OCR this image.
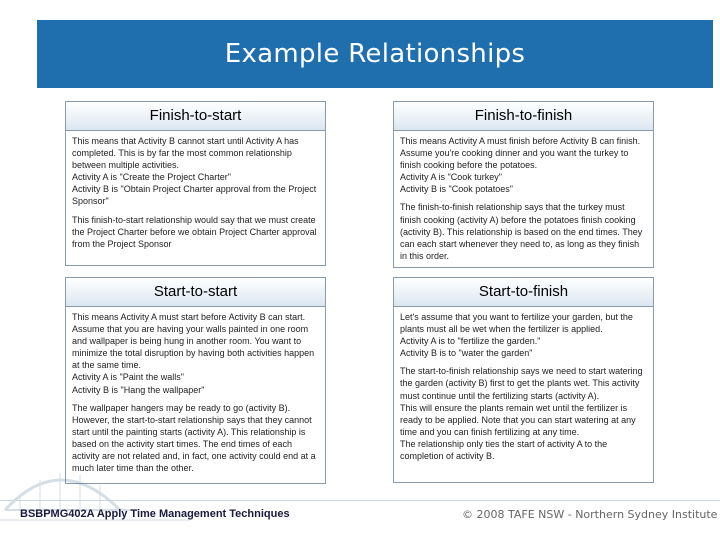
Example Relationships
Finish-to-start

This means that Activity B cannot start until Activity A has completed. This is by far the most common relationship between multiple activities.
Activity A is "Create the Project Charter"
Activity B is "Obtain Project Charter approval from the Project Sponsor"

This finish-to-start relationship would say that we must create the Project Charter before we obtain Project Charter approval from the Project Sponsor

Finish-to-finish

This means Activity A must finish before Activity B can finish. Assume you're cooking dinner and you want the turkey to finish cooking before the potatoes.
Activity A is "Cook turkey"
Activity B is "Cook potatoes"

The finish-to-finish relationship says that the turkey must finish cooking (activity A) before the potatoes finish cooking (activity B). This relationship is based on the end times. They can each start whenever they need to, as long as they finish in this order.

Start-to-start

This means Activity A must start before Activity B can start. Assume that you are having your walls painted in one room and wallpaper is being hung in another room. You want to minimize the total disruption by having both activities happen at the same time.
Activity A is "Paint the walls"
Activity B is "Hang the wallpaper"

The wallpaper hangers may be ready to go (activity B). However, the start-to-start relationship says that they cannot start until the painting starts (activity A). This relationship is based on the activity start times. The end times of each activity are not related and, in fact, one activity could end at a much later time than the other.

Start-to-finish

Let's assume that you want to fertilize your garden, but the plants must all be wet when the fertilizer is applied.
Activity A is to "fertilize the garden."
Activity B is to "water the garden"

The start-to-finish relationship says we need to start watering the garden (activity B) first to get the plants wet. This activity must continue until the fertilizing starts (activity A).
This will ensure the plants remain wet until the fertilizer is ready to be applied. Note that you can start watering at any time and you can finish fertilizing at any time.
The relationship only ties the start of activity A to the completion of activity B.

BSBPMG402A Apply Time Management Techniques	© 2008 TAFE NSW - Northern Sydney Institute
